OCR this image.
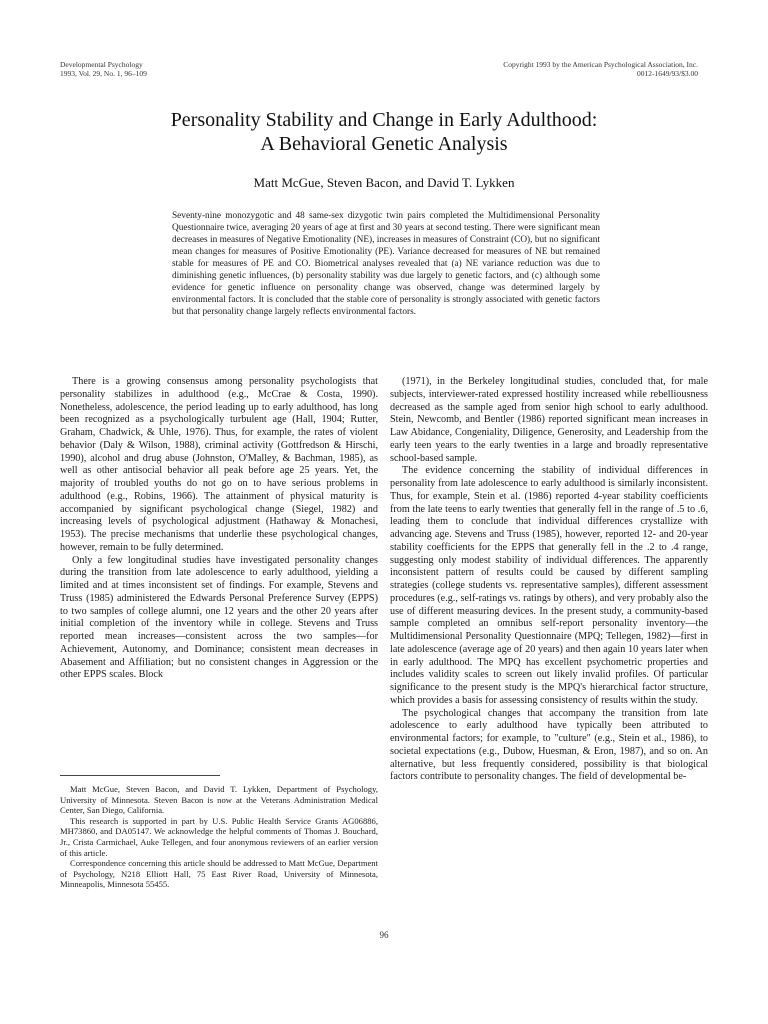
Developmental Psychology
1993, Vol. 29, No. 1, 96–109
Copyright 1993 by the American Psychological Association, Inc.
0012-1649/93/$3.00
Personality Stability and Change in Early Adulthood:
A Behavioral Genetic Analysis
Matt McGue, Steven Bacon, and David T. Lykken
Seventy-nine monozygotic and 48 same-sex dizygotic twin pairs completed the Multidimensional Personality Questionnaire twice, averaging 20 years of age at first and 30 years at second testing. There were significant mean decreases in measures of Negative Emotionality (NE), increases in measures of Constraint (CO), but no significant mean changes for measures of Positive Emotionality (PE). Variance decreased for measures of NE but remained stable for measures of PE and CO. Biometrical analyses revealed that (a) NE variance reduction was due to diminishing genetic influences, (b) personality stability was due largely to genetic factors, and (c) although some evidence for genetic influence on personality change was observed, change was determined largely by environmental factors. It is concluded that the stable core of personality is strongly associated with genetic factors but that personality change largely reflects environmental factors.

There is a growing consensus among personality psychologists that personality stabilizes in adulthood (e.g., McCrae & Costa, 1990). Nonetheless, adolescence, the period leading up to early adulthood, has long been recognized as a psychologically turbulent age (Hall, 1904; Rutter, Graham, Chadwick, & Uhle, 1976). Thus, for example, the rates of violent behavior (Daly & Wilson, 1988), criminal activity (Gottfredson & Hirschi, 1990), alcohol and drug abuse (Johnston, O'Malley, & Bachman, 1985), as well as other antisocial behavior all peak before age 25 years. Yet, the majority of troubled youths do not go on to have serious problems in adulthood (e.g., Robins, 1966). The attainment of physical maturity is accompanied by significant psychological change (Siegel, 1982) and increasing levels of psychological adjustment (Hathaway & Monachesi, 1953). The precise mechanisms that underlie these psychological changes, however, remain to be fully determined.

Only a few longitudinal studies have investigated personality changes during the transition from late adolescence to early adulthood, yielding a limited and at times inconsistent set of findings. For example, Stevens and Truss (1985) administered the Edwards Personal Preference Survey (EPPS) to two samples of college alumni, one 12 years and the other 20 years after initial completion of the inventory while in college. Stevens and Truss reported mean increases—consistent across the two samples—for Achievement, Autonomy, and Dominance; consistent mean decreases in Abasement and Affiliation; but no consistent changes in Aggression or the other EPPS scales. Block

(1971), in the Berkeley longitudinal studies, concluded that, for male subjects, interviewer-rated expressed hostility increased while rebelliousness decreased as the sample aged from senior high school to early adulthood. Stein, Newcomb, and Bentler (1986) reported significant mean increases in Law Abidance, Congeniality, Diligence, Generosity, and Leadership from the early teen years to the early twenties in a large and broadly representative school-based sample.

The evidence concerning the stability of individual differences in personality from late adolescence to early adulthood is similarly inconsistent. Thus, for example, Stein et al. (1986) reported 4-year stability coefficients from the late teens to early twenties that generally fell in the range of .5 to .6, leading them to conclude that individual differences crystallize with advancing age. Stevens and Truss (1985), however, reported 12- and 20-year stability coefficients for the EPPS that generally fell in the .2 to .4 range, suggesting only modest stability of individual differences. The apparently inconsistent pattern of results could be caused by different sampling strategies (college students vs. representative samples), different assessment procedures (e.g., self-ratings vs. ratings by others), and very probably also the use of different measuring devices. In the present study, a community-based sample completed an omnibus self-report personality inventory—the Multidimensional Personality Questionnaire (MPQ; Tellegen, 1982)—first in late adolescence (average age of 20 years) and then again 10 years later when in early adulthood. The MPQ has excellent psychometric properties and includes validity scales to screen out likely invalid profiles. Of particular significance to the present study is the MPQ's hierarchical factor structure, which provides a basis for assessing consistency of results within the study.

The psychological changes that accompany the transition from late adolescence to early adulthood have typically been attributed to environmental factors; for example, to "culture" (e.g., Stein et al., 1986), to societal expectations (e.g., Dubow, Huesman, & Eron, 1987), and so on. An alternative, but less frequently considered, possibility is that biological factors contribute to personality changes. The field of developmental be-

Matt McGue, Steven Bacon, and David T. Lykken, Department of Psychology, University of Minnesota. Steven Bacon is now at the Veterans Administration Medical Center, San Diego, California.

This research is supported in part by U.S. Public Health Service Grants AG06886, MH73860, and DA05147. We acknowledge the helpful comments of Thomas J. Bouchard, Jr., Crista Carmichael, Auke Tellegen, and four anonymous reviewers of an earlier version of this article.

Correspondence concerning this article should be addressed to Matt McGue, Department of Psychology, N218 Elliott Hall, 75 East River Road, University of Minnesota, Minneapolis, Minnesota 55455.

96
